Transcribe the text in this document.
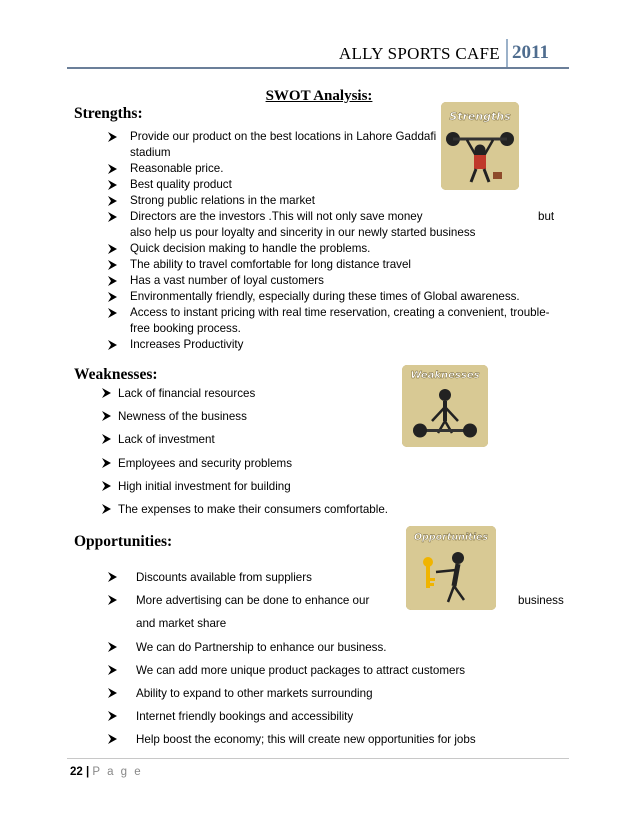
ALLY SPORTS CAFE 2011
SWOT Analysis:
Strengths:	Strengths
Provide our product on the best locations in Lahore Gaddafi
stadium
Reasonable price.
Best quality product
Strong public relations in the market
Directors are the investors .This will not only save money	but
also help us pour loyalty and sincerity in our newly started business
Quick decision making to handle the problems.
The ability to travel comfortable for long distance travel
Has a vast number of loyal customers
Environmentally friendly, especially during these times of Global awareness.
Access to instant pricing with real time reservation, creating a convenient, trouble-
free booking process.
Increases Productivity
Weaknesses:	Weaknesses
Lack of financial resources
Newness of the business
Lack of investment
Employees and security problems
High initial investment for building
The expenses to make their consumers comfortable.
Opportunities:	Opportunities
Discounts available from suppliers
More advertising can be done to enhance our	business
and market share
We can do Partnership to enhance our business.
We can add more unique product packages to attract customers
Ability to expand to other markets surrounding
Internet friendly bookings and accessibility
Help boost the economy; this will create new opportunities for jobs
22 | P a g e
